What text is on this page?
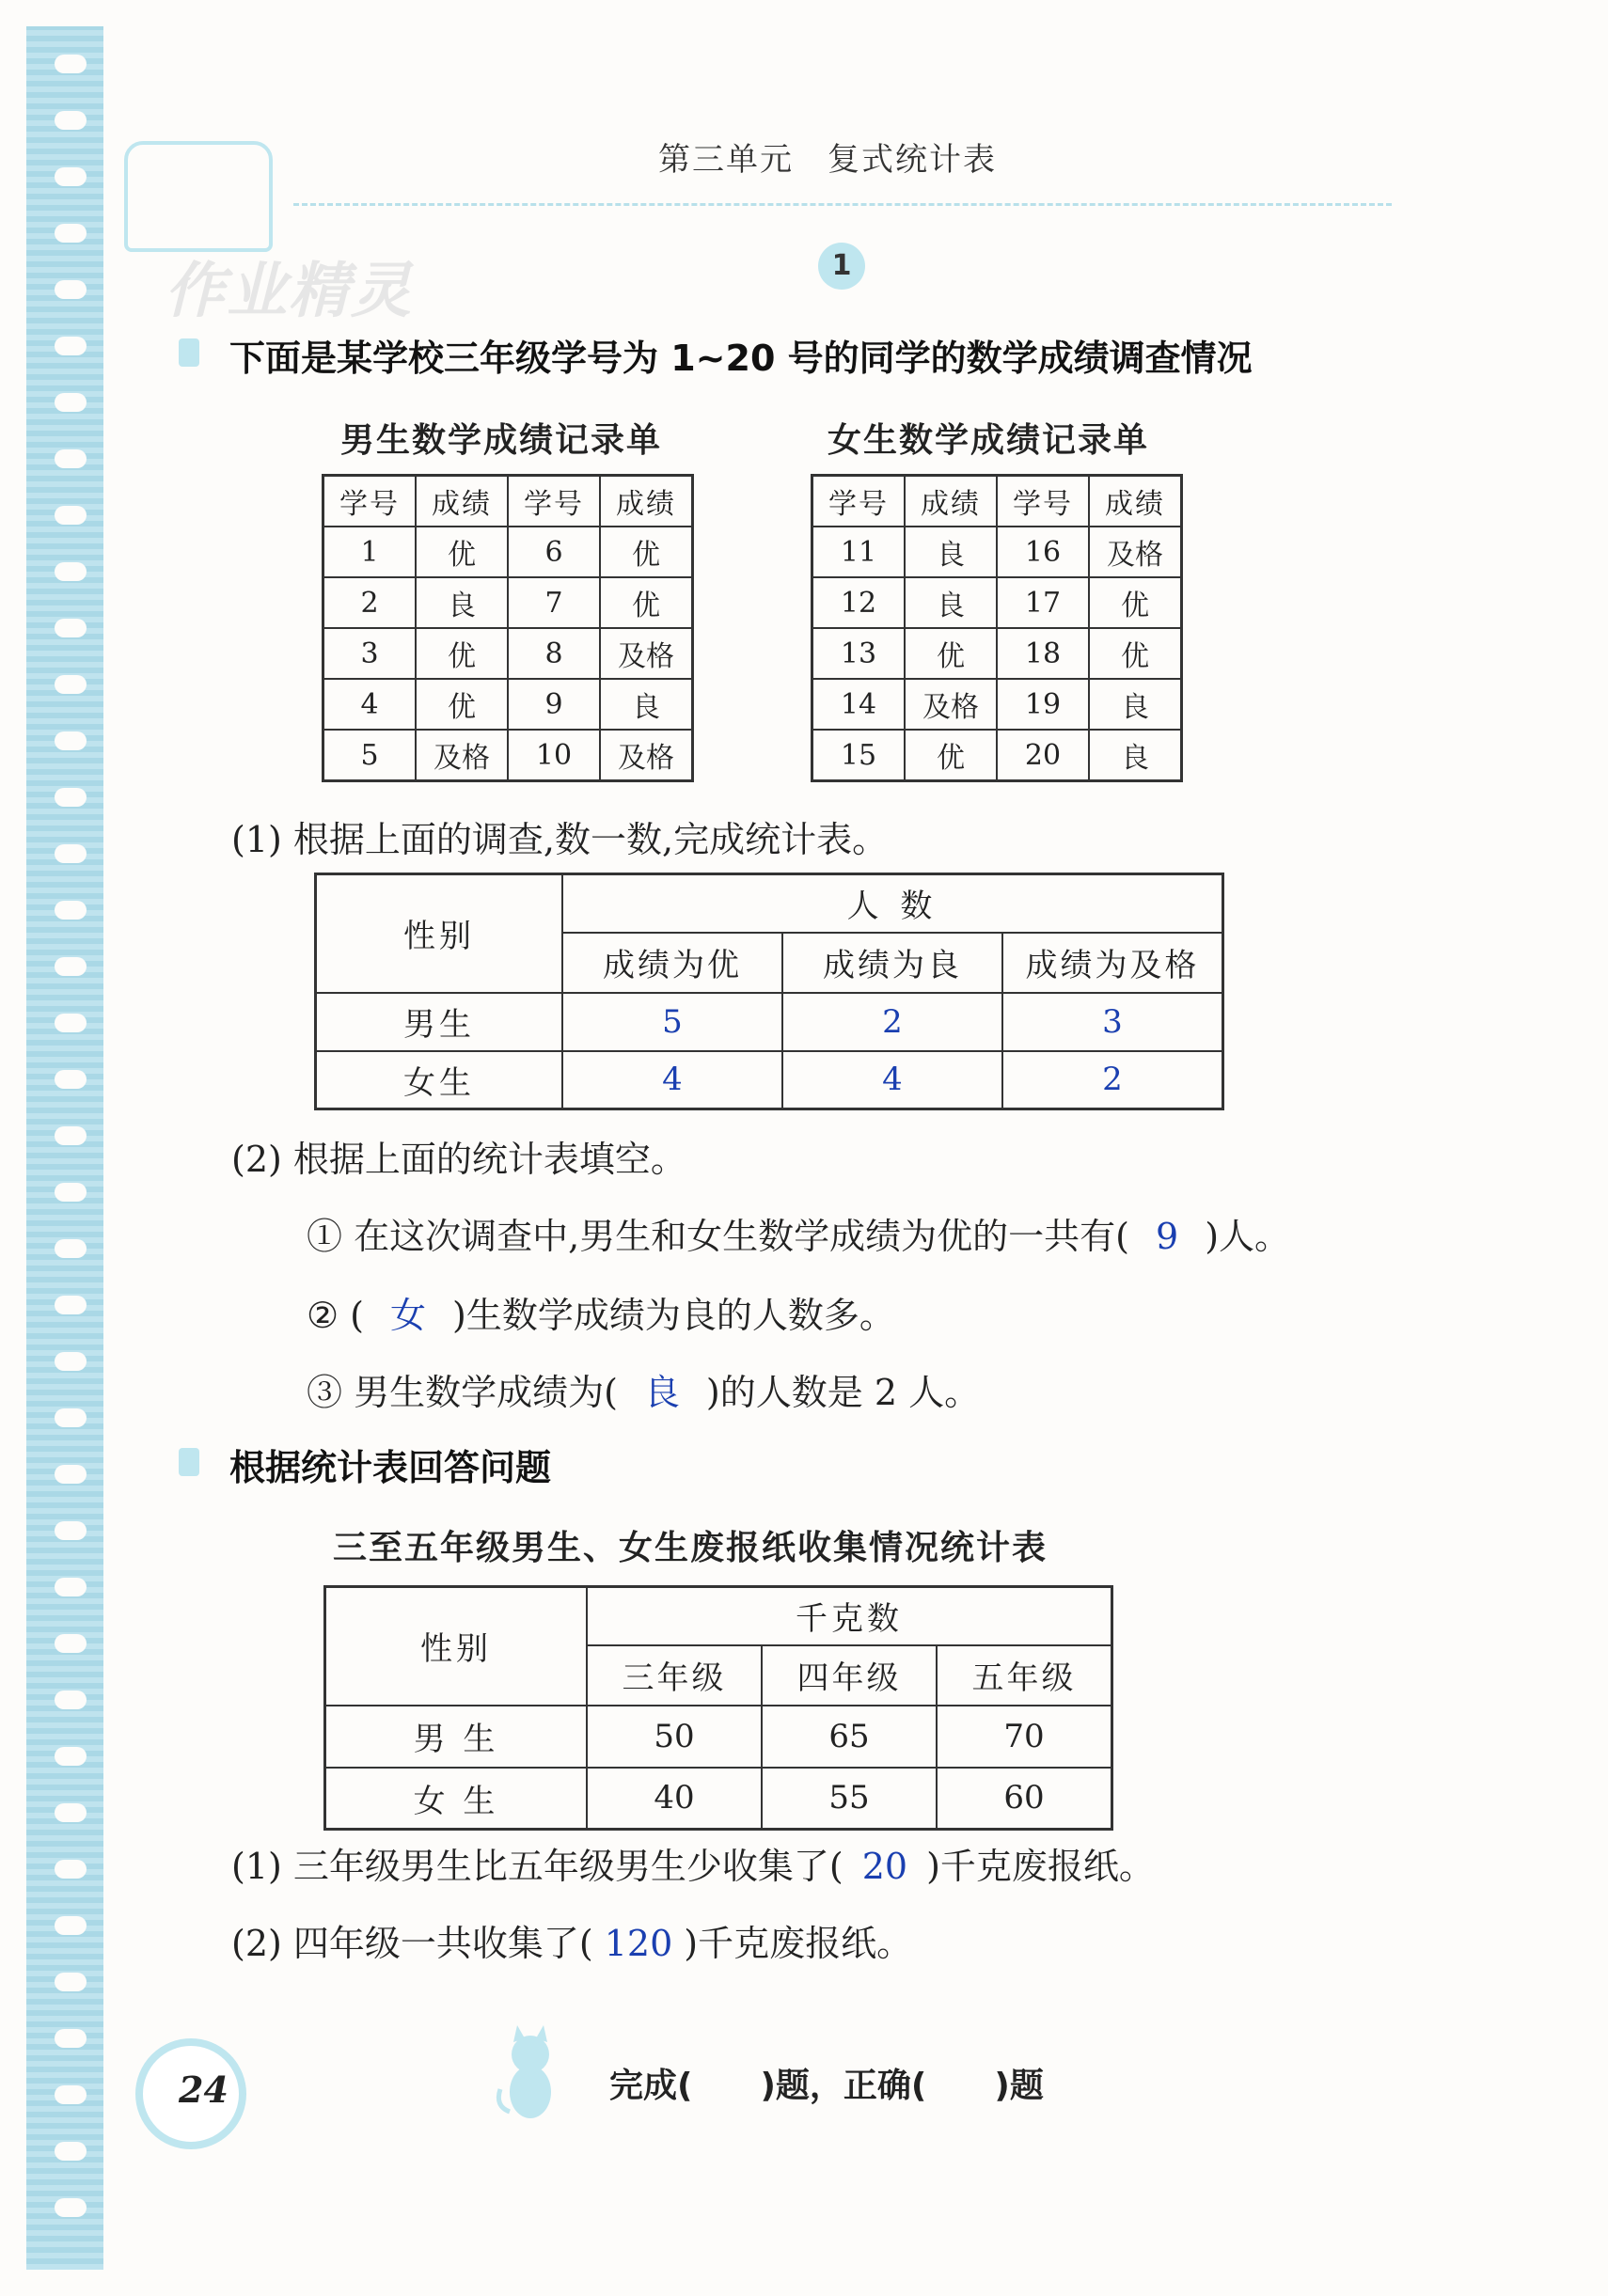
作业精灵
第三单元　复式统计表
1
下面是某学校三年级学号为 1~20 号的同学的数学成绩调查情况
男生数学成绩记录单	女生数学成绩记录单
学号	成绩	学号	成绩
1	优	6	优
2	良	7	优
3	优	8	及格
4	优	9	良
5	及格	10	及格
学号	成绩	学号	成绩
11	良	16	及格
12	良	17	优
13	优	18	优
14	及格	19	良
15	优	20	良
(1) 根据上面的调查,数一数,完成统计表。
性别	人 数		
	成绩为优	成绩为良	成绩为及格
男生	5	2	3
女生	4	4	2
(2) 根据上面的统计表填空。
① 在这次调查中,男生和女生数学成绩为优的一共有( 9 )人。
② ( 女 )生数学成绩为良的人数多。
③ 男生数学成绩为( 良 )的人数是 2 人。
根据统计表回答问题
三至五年级男生、女生废报纸收集情况统计表
性别	千克数		
	三年级	四年级	五年级
男 生	50	65	70
女 生	40	55	60
(1) 三年级男生比五年级男生少收集了( 20 )千克废报纸。
(2) 四年级一共收集了( 120 )千克废报纸。
24	完成(　　)题，正确(　　)题
